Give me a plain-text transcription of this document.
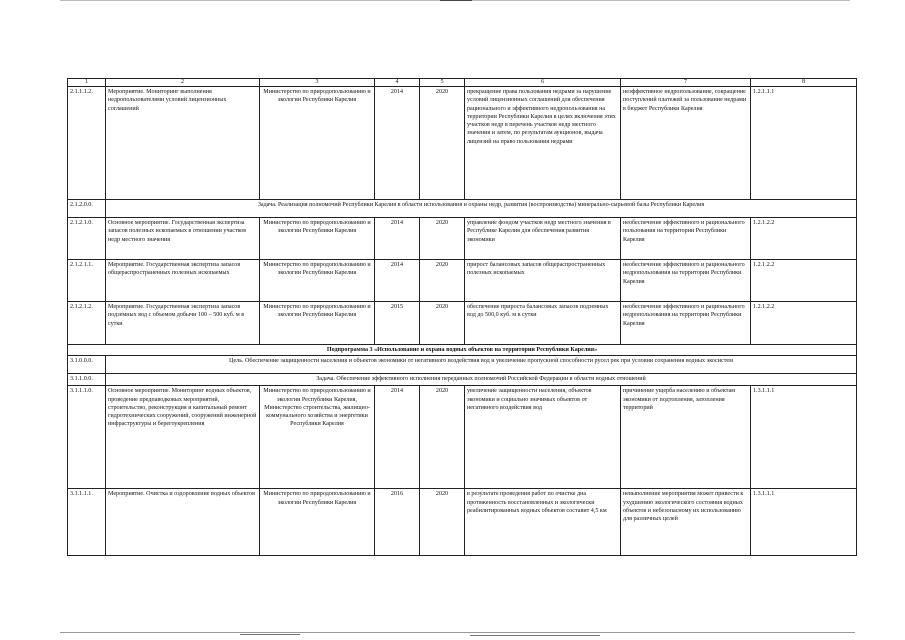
1	2	3	4	5	6	7	8
2.1.1.1.2.	Мероприятие. Мониторинг выполнения недропользователями условий лицензионных соглашений	Министерство по природопользованию и экологии Республики Карелия	2014	2020	прекращение права пользования недрами за нарушение условий лицензионных соглашений для обеспечения рационального и эффективного недропользования на территории Республики Карелия в целях включения этих участков недр в перечень участков недр местного значения и затем, по результатам аукционов, выдача лицензий на право пользования недрами	неэффективное недропользование, сокращение поступлений платежей за пользование недрами в бюджет Республики Карелия	1.2.1.1.1
2.1.2.0.0.	Задача. Реализация полномочий Республики Карелия в области использования и охраны недр, развития (воспроизводства) минерально-сырьевой базы Республики Карелия						
2.1.2.1.0.	Основное мероприятие. Государственная экспертиза запасов полезных ископаемых в отношении участков недр местного значения	Министерство по природопользованию и экологии Республики Карелия	2014	2020	управление фондом участков недр местного значения в Республике Карелия для обеспечения развития экономики	необеспечение эффективного и рационального пользования на территории Республики Карелия	1.2.1.2.2
2.1.2.1.1.	Мероприятие. Государственная экспертиза запасов общераспространенных полезных ископаемых	Министерство по природопользованию и экологии Республики Карелия	2014	2020	прирост балансовых запасов общераспространенных полезных ископаемых	необеспечение эффективного и рационального недропользования на территории Республики Карелия	1.2.1.2.2
2.1.2.1.2.	Мероприятие. Государственная экспертиза запасов подземных вод с объемом добычи 100 – 500 куб. м в сутки	Министерство по природопользованию и экологии Республики Карелия	2015	2020	обеспечение прироста балансовых запасов подземных вод до 500,0 куб. м в сутки	необеспечение эффективного и рационального недропользования на территории Республики Карелия	1.2.1.2.2
Подпрограмма 3 «Использование и охрана водных объектов на территории Республики Карелия»							
3.1.0.0.0.	Цель. Обеспечение защищенности населения и объектов экономики от негативного воздействия вод и увеличение пропускной способности русел рек при условии сохранения водных экосистем						
3.1.1.0.0.	Задача. Обеспечение эффективного исполнения переданных полномочий Российской Федерации в области водных отношений						
3.1.1.1.0.	Основное мероприятие. Мониторинг водных объектов, проведение предпаводковых мероприятий, строительство, реконструкция и капитальный ремонт гидротехнических сооружений, сооружений инженерной инфраструктуры и берегоукрепления	Министерство по природопользованию и экологии Республики Карелия, Министерство строительства, жилищно-коммунального хозяйства и энергетики Республики Карелия	2014	2020	увеличение защищенности населения, объектов экономики и социально значимых объектов от негативного воздействия вод	причинение ущерба населению и объектам экономики от подтопления, затопления территорий	1.3.1.1.1
3.1.1.1.1.	Мероприятие. Очистка и оздоровление водных объектов	Министерство по природопользованию и экологии Республики Карелия	2016	2020	в результате проведения работ по очистке дна протяженность восстановленных и экологически реабилитированных водных объектов составит 4,5 км	невыполнение мероприятия может привести к ухудшению экологического состояния водных объектов и небезопасному их использованию для различных целей	1.3.1.1.1
